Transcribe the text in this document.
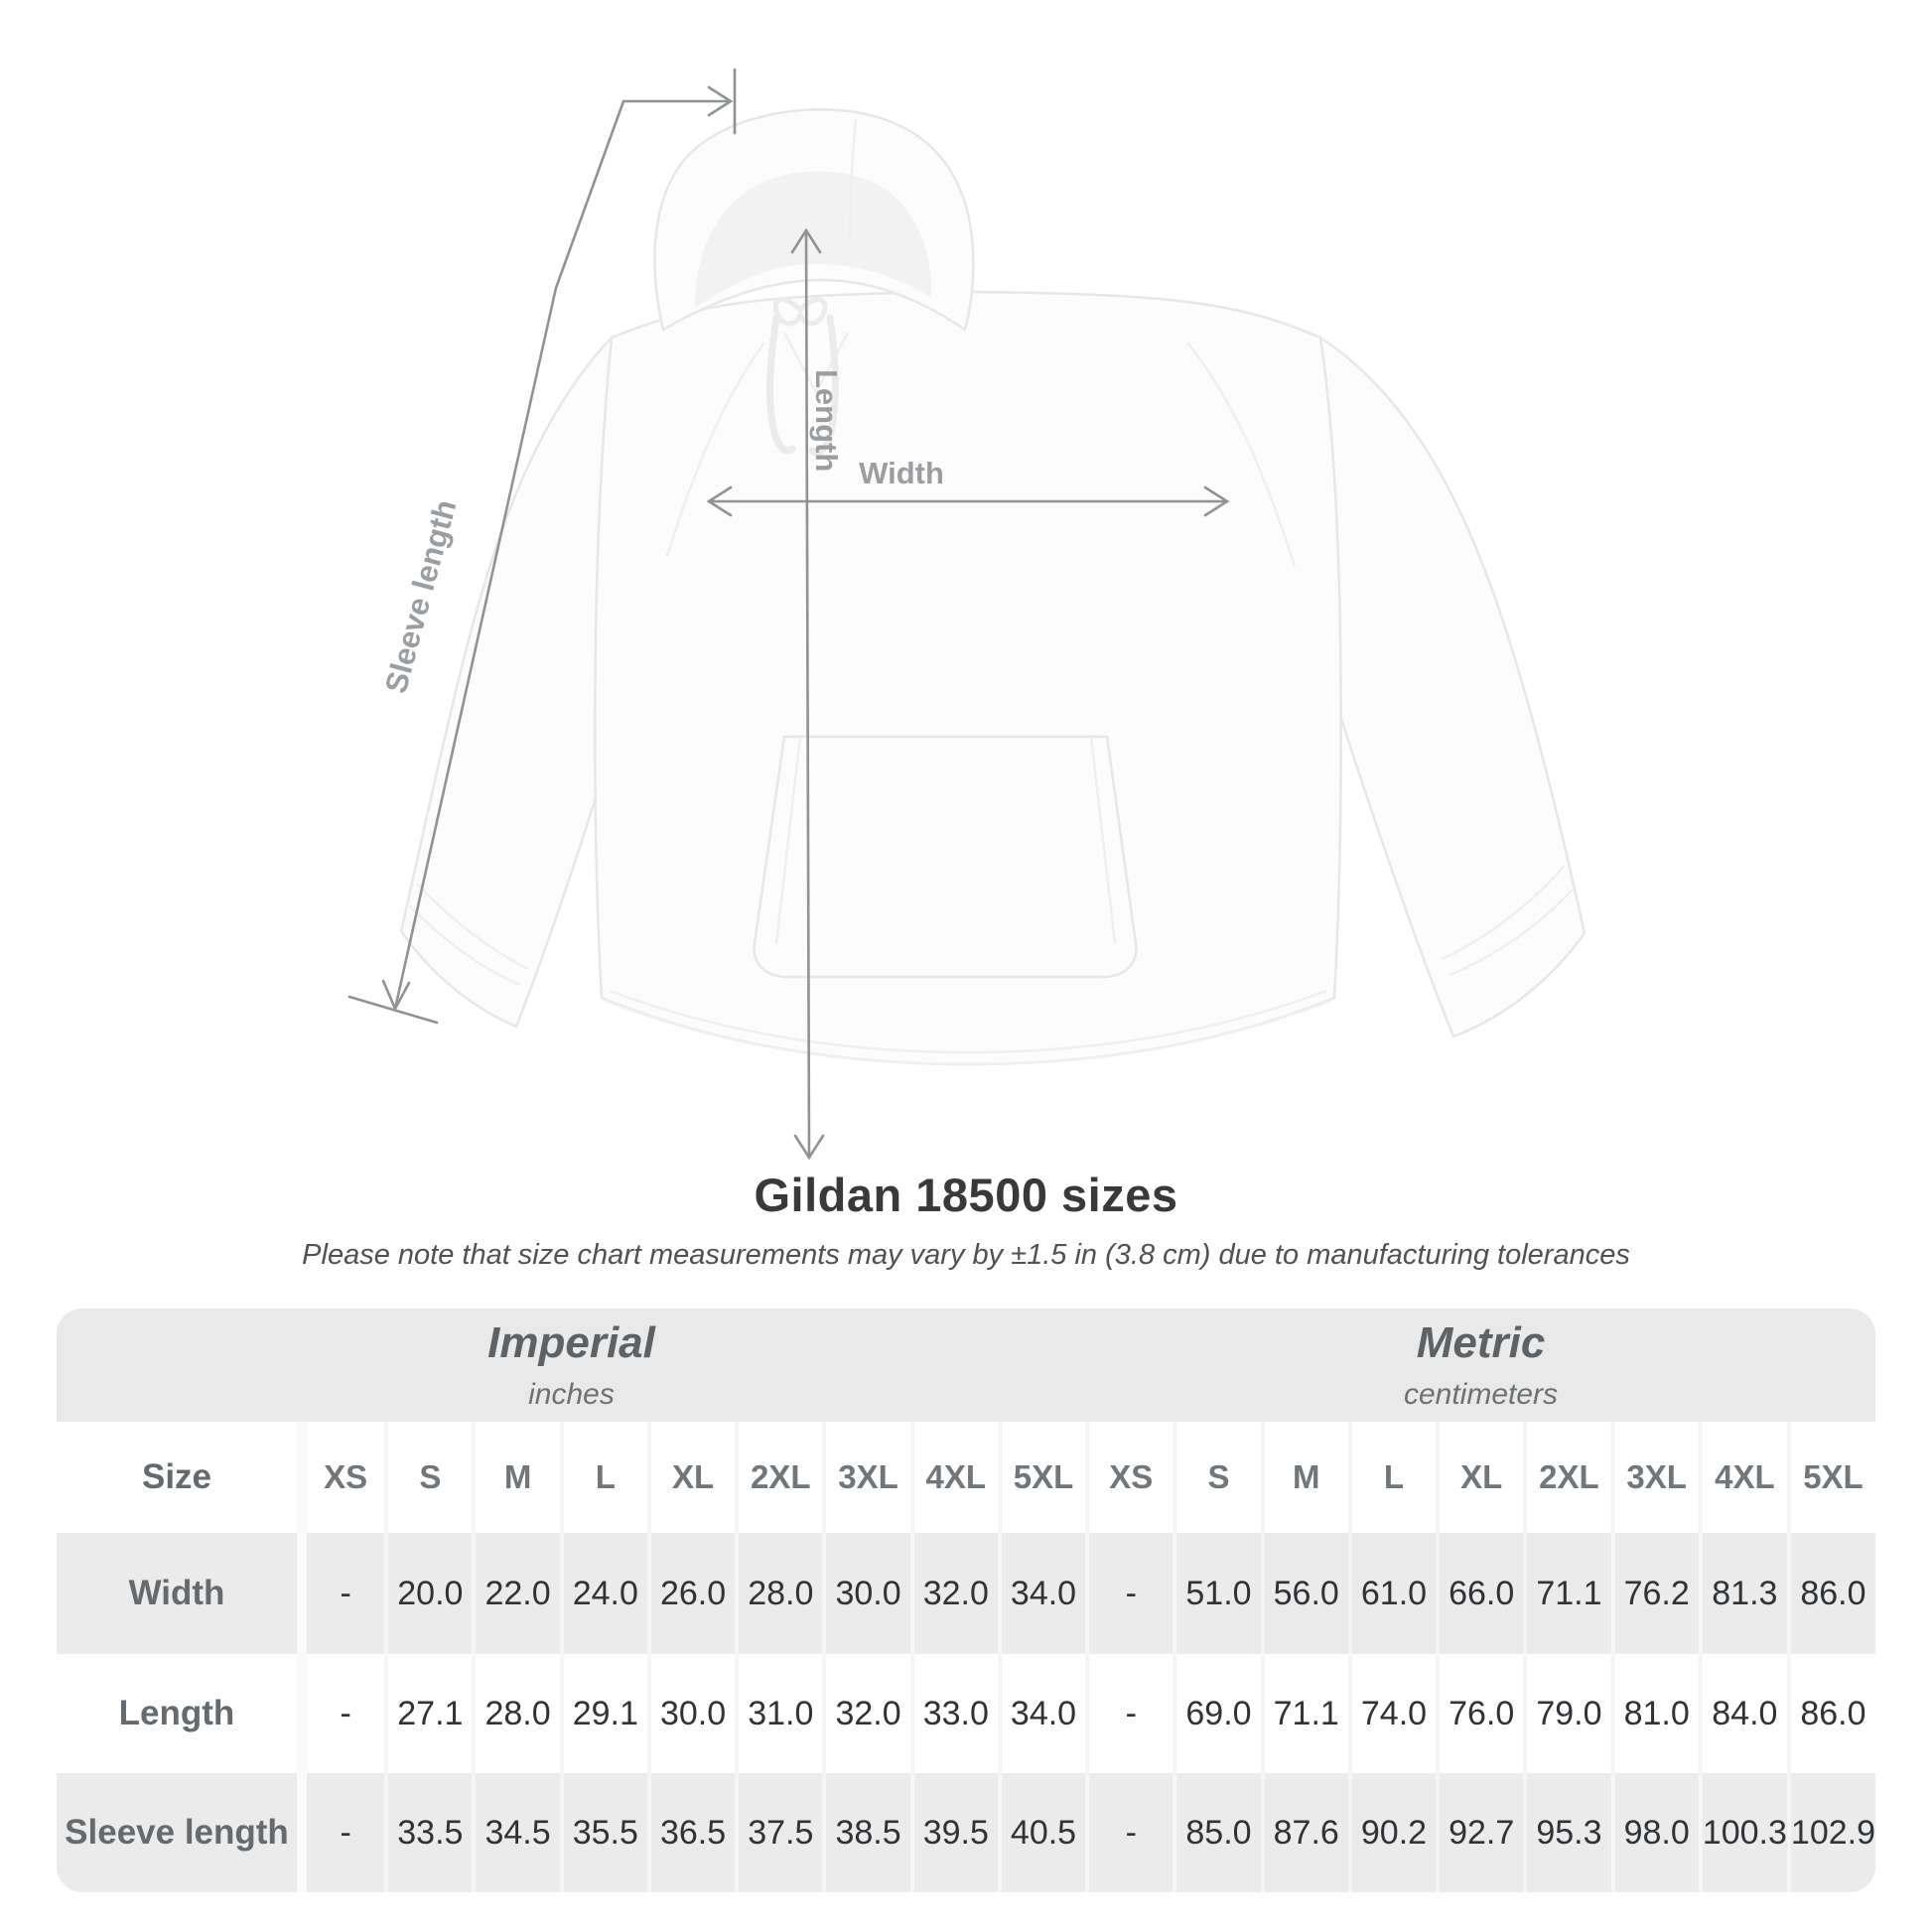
Sleeve length
Length
Width
Gildan 18500 sizes
Please note that size chart measurements may vary by ±1.5 in (3.8 cm) due to manufacturing tolerances
Imperial
inches
Metric
centimeters
Size	XS	S	M	L	XL	2XL 3XL 4XL 5XL	XS	S	M	L	XL	2XL 3XL 4XL 5XL
Width	-	20.0 22.0 24.0 26.0 28.0 30.0 32.0 34.0	-	51.0 56.0 61.0 66.0 71.1 76.2 81.3 86.0
Length	-	27.1 28.0 29.1 30.0 31.0 32.0 33.0 34.0	-	69.0 71.1 74.0 76.0 79.0 81.0 84.0 86.0
Sleeve length	-	33.5 34.5 35.5 36.5 37.5 38.5 39.5 40.5	-	85.0 87.6 90.2 92.7 95.3 98.0 100.3 102.9
